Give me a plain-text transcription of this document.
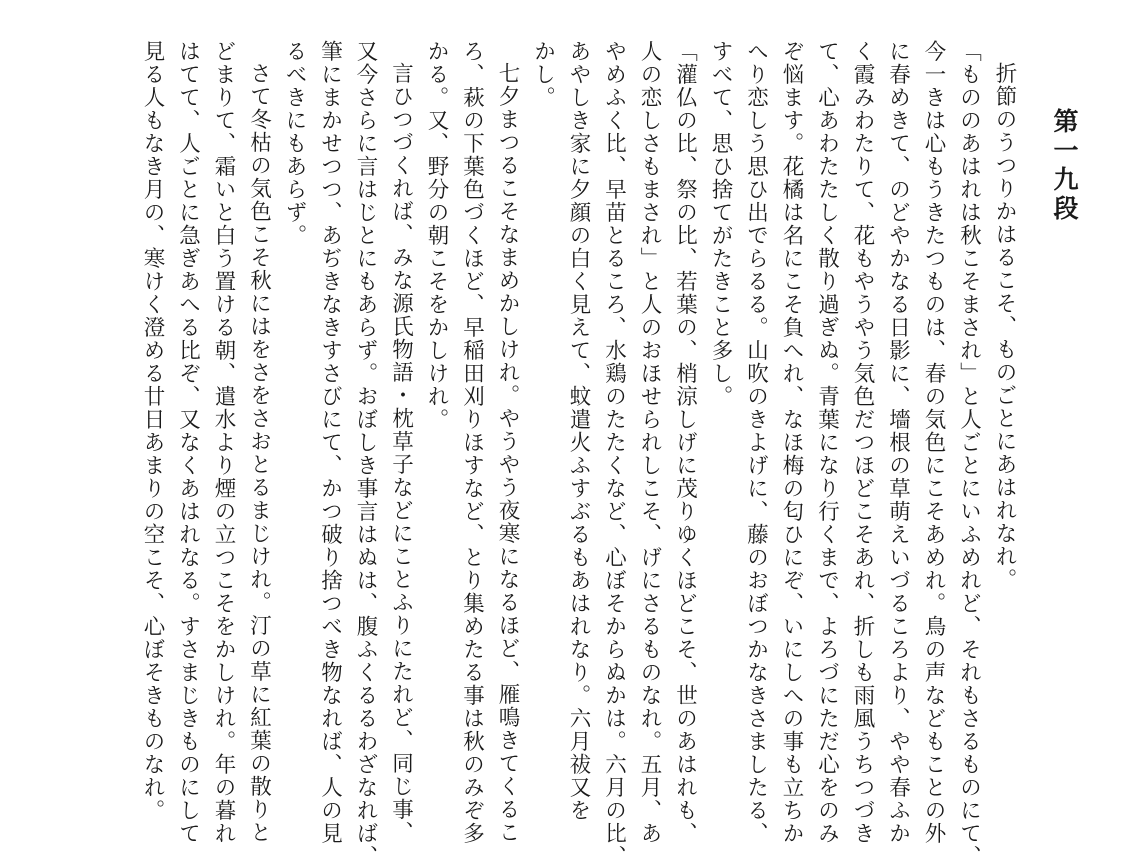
第一九段
折節のうつりかはるこそ、ものごとにあはれなれ。
「もののあはれは秋こそまされ」と人ごとにいふめれど、それもさるものにて、
今一きは心もうきたつものは、春の気色にこそあめれ。鳥の声などもことの外
に春めきて、のどやかなる日影に、墻根の草萌えいづるころより、やや春ふか
く霞みわたりて、花もやうやう気色だつほどこそあれ、折しも雨風うちつづき
て、心あわたたしく散り過ぎぬ。青葉になり行くまで、よろづにただ心をのみ
ぞ悩ます。花橘は名にこそ負へれ、なほ梅の匂ひにぞ、いにしへの事も立ちか
へり恋しう思ひ出でらるる。山吹のきよげに、藤のおぼつかなきさましたる、
すべて、思ひ捨てがたきこと多し。
「灌仏の比、祭の比、若葉の、梢涼しげに茂りゆくほどこそ、世のあはれも、
人の恋しさもまされ」と人のおほせられしこそ、げにさるものなれ。五月、あ
やめふく比、早苗とるころ、水鶏のたたくなど、心ぼそからぬかは。六月の比、
あやしき家に夕顔の白く見えて、蚊遣火ふすぶるもあはれなり。六月祓又を
かし。
七夕まつるこそなまめかしけれ。やうやう夜寒になるほど、雁鳴きてくるこ
ろ、萩の下葉色づくほど、早稲田刈りほすなど、とり集めたる事は秋のみぞ多
かる。又、野分の朝こそをかしけれ。
言ひつづくれば、みな源氏物語・枕草子などにことふりにたれど、同じ事、
又今さらに言はじとにもあらず。おぼしき事言はぬは、腹ふくるるわざなれば、
筆にまかせつつ、あぢきなきすさびにて、かつ破り捨つべき物なれば、人の見
るべきにもあらず。
さて冬枯の気色こそ秋にはをさをさおとるまじけれ。汀の草に紅葉の散りと
どまりて、霜いと白う置ける朝、遣水より煙の立つこそをかしけれ。年の暮れ
はてて、人ごとに急ぎあへる比ぞ、又なくあはれなる。すさまじきものにして
見る人もなき月の、寒けく澄める廿日あまりの空こそ、心ぼそきものなれ。
